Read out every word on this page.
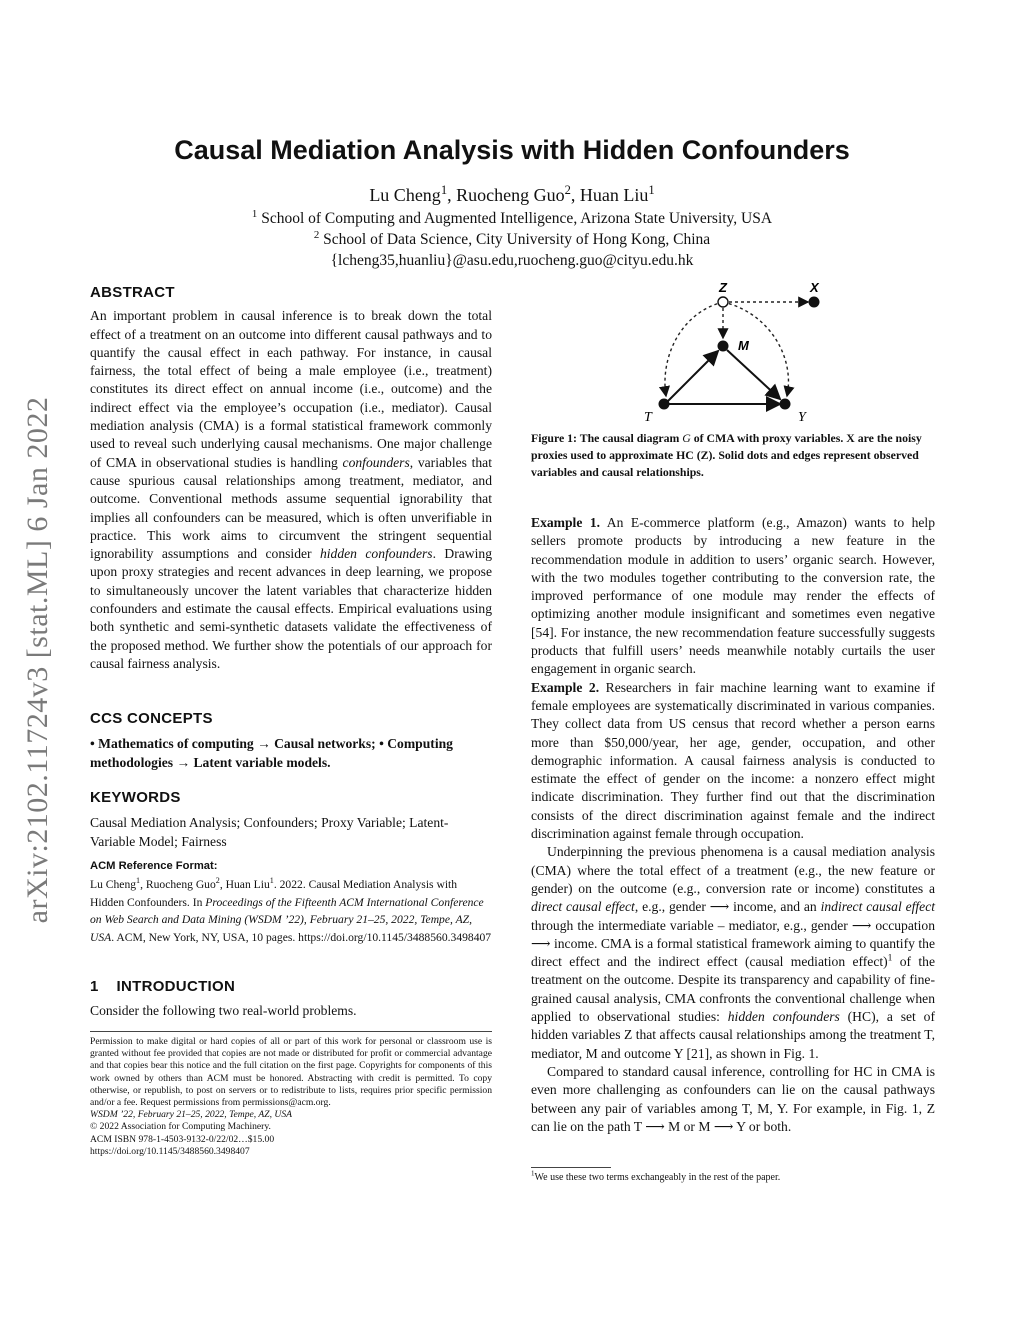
arXiv:2102.11724v3 [stat.ML] 6 Jan 2022
Causal Mediation Analysis with Hidden Confounders
Lu Cheng$^1$, Ruocheng Guo$^2$, Huan Liu$^1$
$^1$ School of Computing and Augmented Intelligence, Arizona State University, USA
$^2$ School of Data Science, City University of Hong Kong, China
{lcheng35,huanliu}@asu.edu,ruocheng.guo@cityu.edu.hk
ABSTRACT

An important problem in causal inference is to break down the total effect of a treatment on an outcome into different causal pathways and to quantify the causal effect in each pathway. For instance, in causal fairness, the total effect of being a male employee (i.e., treatment) constitutes its direct effect on annual income (i.e., outcome) and the indirect effect via the employee’s occupation (i.e., mediator). Causal mediation analysis (CMA) is a formal statistical framework commonly used to reveal such underlying causal mechanisms. One major challenge of CMA in observational studies is handling confounders, variables that cause spurious causal relationships among treatment, mediator, and outcome. Conventional methods assume sequential ignorability that implies all confounders can be measured, which is often unverifiable in practice. This work aims to circumvent the stringent sequential ignorability assumptions and consider hidden confounders. Drawing upon proxy strategies and recent advances in deep learning, we propose to simultaneously uncover the latent variables that characterize hidden confounders and estimate the causal effects. Empirical evaluations using both synthetic and semi-synthetic datasets validate the effectiveness of the proposed method. We further show the potentials of our approach for causal fairness analysis.

CCS CONCEPTS

• Mathematics of computing → Causal networks; • Computing methodologies → Latent variable models.

KEYWORDS

Causal Mediation Analysis; Confounders; Proxy Variable; Latent-Variable Model; Fairness

ACM Reference Format:
Lu Cheng$^1$, Ruocheng Guo$^2$, Huan Liu$^1$. 2022. Causal Mediation Analysis with Hidden Confounders. In Proceedings of the Fifteenth ACM International Conference on Web Search and Data Mining (WSDM ’22), February 21–25, 2022, Tempe, AZ, USA. ACM, New York, NY, USA, 10 pages. https://doi.org/10.1145/3488560.3498407
1    INTRODUCTION

Consider the following two real-world problems.

Permission to make digital or hard copies of all or part of this work for personal or classroom use is granted without fee provided that copies are not made or distributed for profit or commercial advantage and that copies bear this notice and the full citation on the first page. Copyrights for components of this work owned by others than ACM must be honored. Abstracting with credit is permitted. To copy otherwise, or republish, to post on servers or to redistribute to lists, requires prior specific permission and/or a fee. Request permissions from permissions@acm.org.
WSDM ’22, February 21–25, 2022, Tempe, AZ, USA
© 2022 Association for Computing Machinery.
ACM ISBN 978-1-4503-9132-0/22/02…$15.00
https://doi.org/10.1145/3488560.3498407
Z	X
M
T	Y
Figure 1: The causal diagram G of CMA with proxy variables. X are the noisy proxies used to approximate HC (Z). Solid dots and edges represent observed variables and causal relationships.

Example 1. An E-commerce platform (e.g., Amazon) wants to help sellers promote products by introducing a new feature in the recommendation module in addition to users’ organic search. However, with the two modules together contributing to the conversion rate, the improved performance of one module may render the effects of optimizing another module insignificant and sometimes even negative [54]. For instance, the new recommendation feature successfully suggests products that fulfill users’ needs meanwhile notably curtails the user engagement in organic search.

Example 2. Researchers in fair machine learning want to examine if female employees are systematically discriminated in various companies. They collect data from US census that record whether a person earns more than $50,000/year, her age, gender, occupation, and other demographic information. A causal fairness analysis is conducted to estimate the effect of gender on the income: a nonzero effect might indicate discrimination. They further find out that the discrimination consists of the direct discrimination against female and the indirect discrimination against female through occupation.

Underpinning the previous phenomena is a causal mediation analysis (CMA) where the total effect of a treatment (e.g., the new feature or gender) on the outcome (e.g., conversion rate or income) constitutes a direct causal effect, e.g., gender ⟶ income, and an indirect causal effect through the intermediate variable – mediator, e.g., gender ⟶ occupation ⟶ income. CMA is a formal statistical framework aiming to quantify the direct effect and the indirect effect (causal mediation effect)$^1$ of the treatment on the outcome. Despite its transparency and capability of fine-grained causal analysis, CMA confronts the conventional challenge when applied to observational studies: hidden confounders (HC), a set of hidden variables Z that affects causal relationships among the treatment T, mediator, M and outcome Y [21], as shown in Fig. 1.

Compared to standard causal inference, controlling for HC in CMA is even more challenging as confounders can lie on the causal pathways between any pair of variables among T, M, Y. For example, in Fig. 1, Z can lie on the path T ⟶ M or M ⟶ Y or both.

$^1$We use these two terms exchangeably in the rest of the paper.
